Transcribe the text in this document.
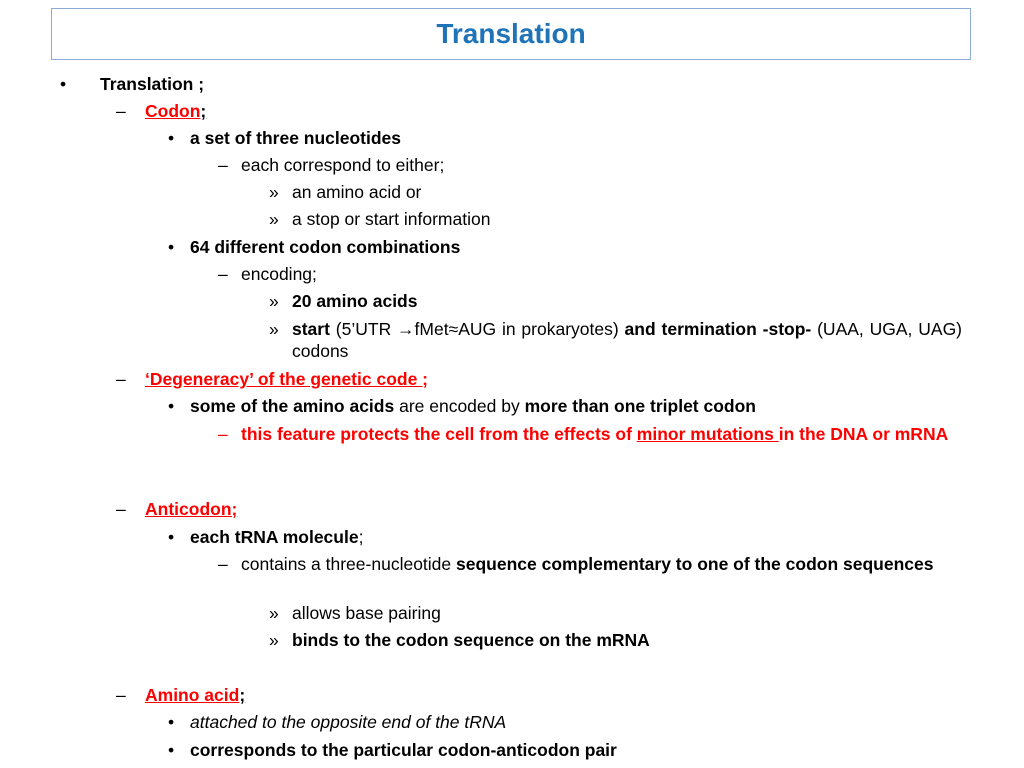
Translation
• Translation ;
– Codon;
• a set of three nucleotides
– each correspond to either;
» an amino acid or
» a stop or start information
• 64 different codon combinations
– encoding;
» 20 amino acids
» start (5’UTR →fMet≈AUG in prokaryotes) and termination -stop- (UAA, UGA, UAG) codons
– ‘Degeneracy’ of the genetic code ;
• some of the amino acids are encoded by more than one triplet codon
– this feature protects the cell from the effects of minor mutations in the DNA or mRNA
– Anticodon;
• each tRNA molecule;
– contains a three-nucleotide sequence complementary to one of the codon sequences
» allows base pairing
» binds to the codon sequence on the mRNA
– Amino acid;
• attached to the opposite end of the tRNA
• corresponds to the particular codon-anticodon pair
